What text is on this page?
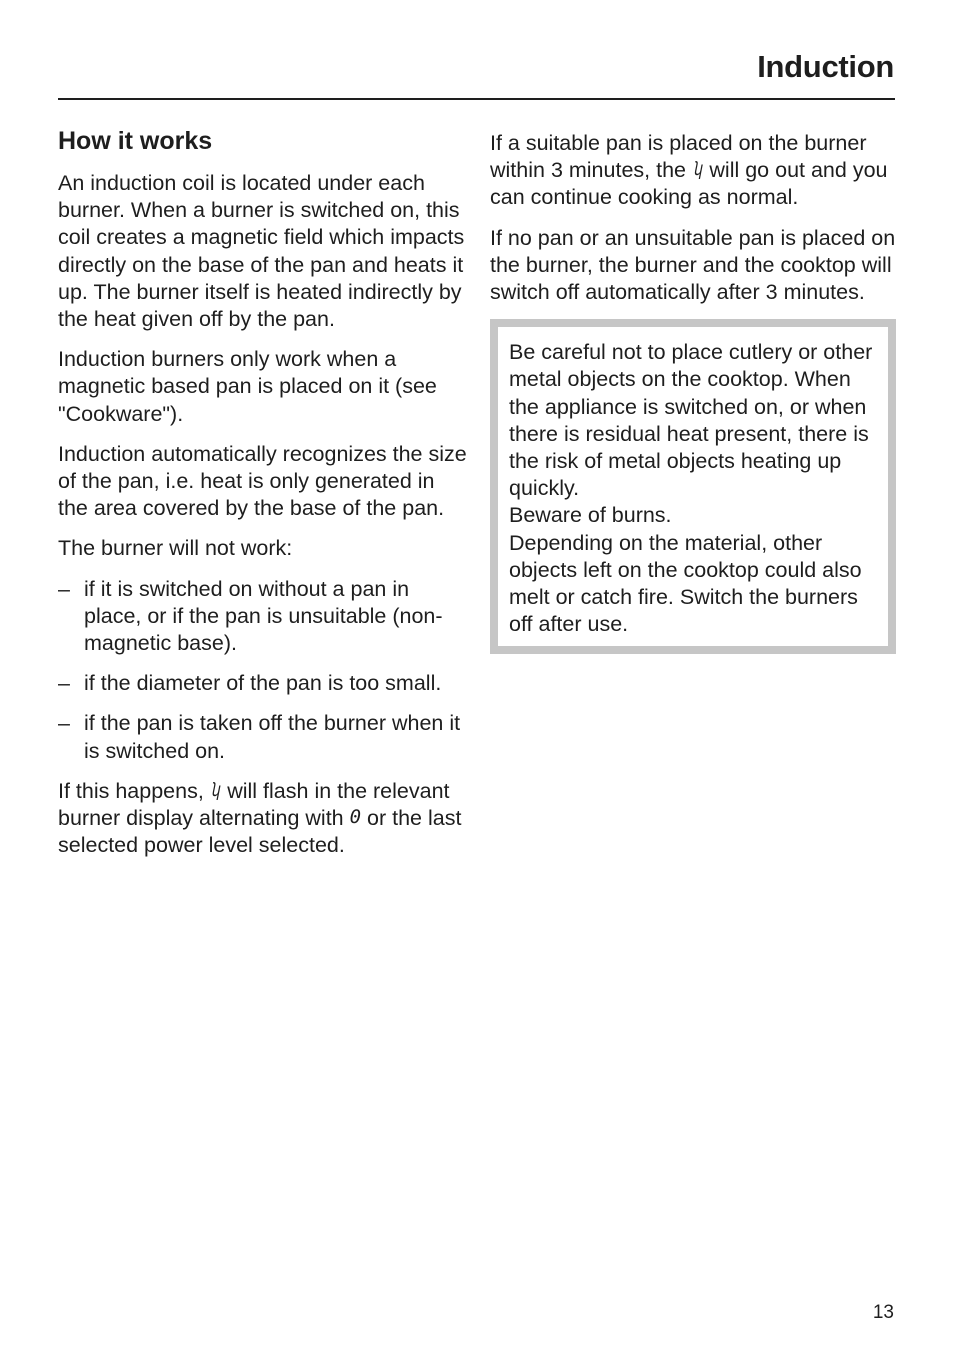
Induction
How it works

An induction coil is located under each burner. When a burner is switched on, this coil creates a magnetic field which impacts directly on the base of the pan and heats it up. The burner itself is heated indirectly by the heat given off by the pan.

Induction burners only work when a magnetic based pan is placed on it (see "Cookware").

Induction automatically recognizes the size of the pan, i.e. heat is only generated in the area covered by the base of the pan.

The burner will not work:

– if it is switched on without a pan in place, or if the pan is unsuitable (non-magnetic base).
– if the diameter of the pan is too small.
– if the pan is taken off the burner when it is switched on.

If this happens, ʮ will flash in the relevant burner display alternating with 0 or the last selected power level selected.

If a suitable pan is placed on the burner within 3 minutes, the ʮ will go out and you can continue cooking as normal.

If no pan or an unsuitable pan is placed on the burner, the burner and the cooktop will switch off automatically after 3 minutes.

Be careful not to place cutlery or other metal objects on the cooktop. When the appliance is switched on, or when there is residual heat present, there is the risk of metal objects heating up quickly.
Beware of burns.
Depending on the material, other objects left on the cooktop could also melt or catch fire. Switch the burners off after use.
13
